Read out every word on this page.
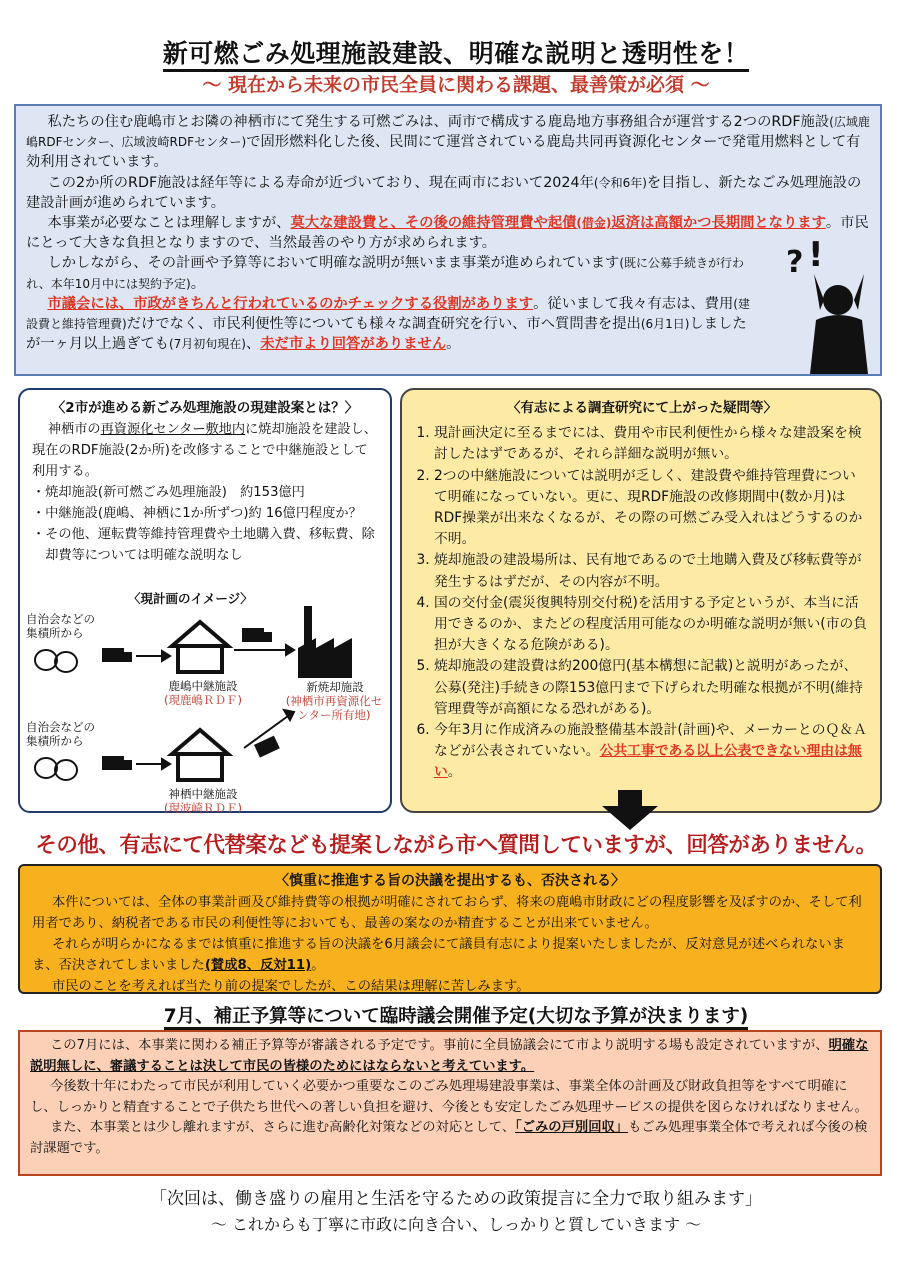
新可燃ごみ処理施設建設、明確な説明と透明性を！
～ 現在から未来の市民全員に関わる課題、最善策が必須 ～

私たちの住む鹿嶋市とお隣の神栖市にて発生する可燃ごみは、両市で構成する鹿島地方事務組合が運営する2つのRDF施設(広域鹿嶋RDFセンター、広域波崎RDFセンター)で固形燃料化した後、民間にて運営されている鹿島共同再資源化センターで発電用燃料として有効利用されています。

この2か所のRDF施設は経年等による寿命が近づいており、現在両市において2024年(令和6年)を目指し、新たなごみ処理施設の建設計画が進められています。

本事業が必要なことは理解しますが、莫大な建設費と、その後の維持管理費や起債(借金)返済は高額かつ長期間となります。市民にとって大きな負担となりますので、当然最善のやり方が求められます。

しかしながら、その計画や予算等において明確な説明が無いまま事業が進められています(既に公募手続きが行われ、本年10月中には契約予定)。

市議会には、市政がきちんと行われているのかチェックする役割があります。従いまして我々有志は、費用(建設費と維持管理費)だけでなく、市民利便性等についても様々な調査研究を行い、市へ質問書を提出(6月1日)しましたが一ヶ月以上過ぎても(7月初旬現在)、未だ市より回答がありません。

? !
〈2市が進める新ごみ処理施設の現建設案とは？〉
神栖市の再資源化センター敷地内に焼却施設を建設し、現在のRDF施設(2か所)を改修することで中継施設として利用する。
・焼却施設(新可燃ごみ処理施設)　約153億円
・中継施設(鹿嶋、神栖に1か所ずつ)約 16億円程度か？
・その他、運転費等維持管理費や土地購入費、移転費、除却費等については明確な説明なし
〈現計画のイメージ〉
自治会などの集積所から
自治会などの集積所から
鹿嶋中継施設
(現鹿嶋ＲＤＦ)
神栖中継施設
(現波崎ＲＤＦ)
新焼却施設
(神栖市再資源化センター所有地)
〈有志による調査研究にて上がった疑問等〉
1. 現計画決定に至るまでには、費用や市民利便性から様々な建設案を検討したはずであるが、それら詳細な説明が無い。
2. 2つの中継施設については説明が乏しく、建設費や維持管理費について明確になっていない。更に、現RDF施設の改修期間中(数か月)はRDF操業が出来なくなるが、その際の可燃ごみ受入れはどうするのか不明。
3. 焼却施設の建設場所は、民有地であるので土地購入費及び移転費等が発生するはずだが、その内容が不明。
4. 国の交付金(震災復興特別交付税)を活用する予定というが、本当に活用できるのか、またどの程度活用可能なのか明確な説明が無い(市の負担が大きくなる危険がある)。
5. 焼却施設の建設費は約200億円(基本構想に記載)と説明があったが、公募(発注)手続きの際153億円まで下げられた明確な根拠が不明(維持管理費等が高額になる恐れがある)。
6. 今年3月に作成済みの施設整備基本設計(計画)や、メーカーとのＱ＆Ａなどが公表されていない。公共工事である以上公表できない理由は無い。
その他、有志にて代替案なども提案しながら市へ質問していますが、回答がありません。
〈慎重に推進する旨の決議を提出するも、否決される〉

本件については、全体の事業計画及び維持費等の根拠が明確にされておらず、将来の鹿嶋市財政にどの程度影響を及ぼすのか、そして利用者であり、納税者である市民の利便性等においても、最善の案なのか精査することが出来ていません。

それらが明らかになるまでは慎重に推進する旨の決議を6月議会にて議員有志により提案いたしましたが、反対意見が述べられないまま、否決されてしまいました(賛成8、反対11)。

市民のことを考えれば当たり前の提案でしたが、この結果は理解に苦しみます。

7月、補正予算等について臨時議会開催予定(大切な予算が決まります)

この7月には、本事業に関わる補正予算等が審議される予定です。事前に全員協議会にて市より説明する場も設定されていますが、明確な説明無しに、審議することは決して市民の皆様のためにはならないと考えています。

今後数十年にわたって市民が利用していく必要かつ重要なこのごみ処理場建設事業は、事業全体の計画及び財政負担等をすべて明確にし、しっかりと精査することで子供たち世代への著しい負担を避け、今後とも安定したごみ処理サービスの提供を図らなければなりません。

また、本事業とは少し離れますが、さらに進む高齢化対策などの対応として、「ごみの戸別回収」もごみ処理事業全体で考えれば今後の検討課題です。

「次回は、働き盛りの雇用と生活を守るための政策提言に全力で取り組みます」
～ これからも丁寧に市政に向き合い、しっかりと質していきます ～
